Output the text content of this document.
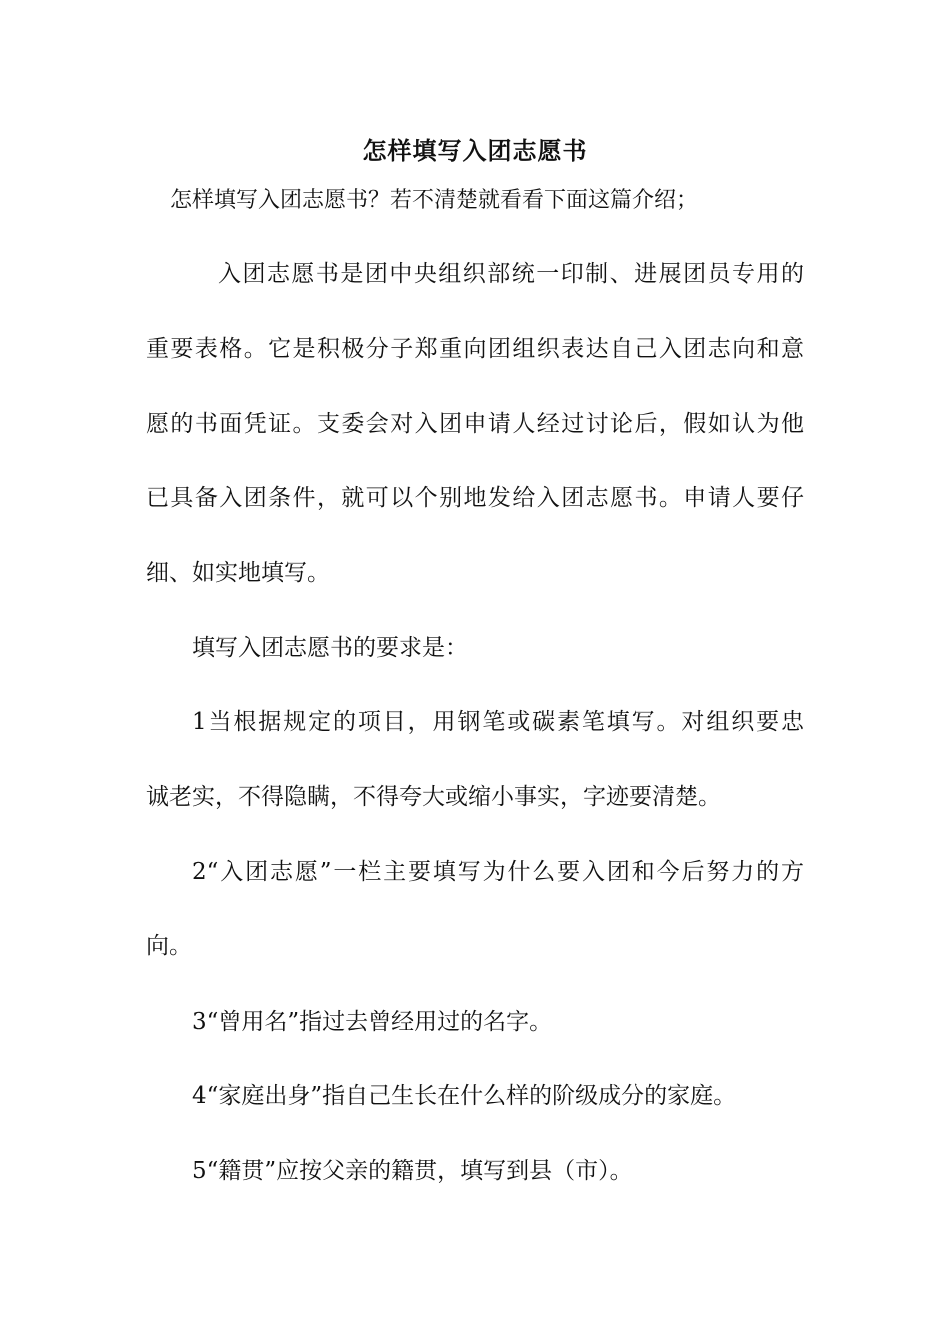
怎样填写入团志愿书
怎样填写入团志愿书？若不清楚就看看下面这篇介绍；
入团志愿书是团中央组织部统一印制、进展团员专用的
重要表格。它是积极分子郑重向团组织表达自己入团志向和意
愿的书面凭证。支委会对入团申请人经过讨论后，假如认为他
已具备入团条件，就可以个别地发给入团志愿书。申请人要仔
细、如实地填写。
填写入团志愿书的要求是：
1当根据规定的项目，用钢笔或碳素笔填写。对组织要忠
诚老实，不得隐瞒，不得夸大或缩小事实，字迹要清楚。
2“入团志愿”一栏主要填写为什么要入团和今后努力的方
向。
3“曾用名”指过去曾经用过的名字。
4“家庭出身”指自己生长在什么样的阶级成分的家庭。
5“籍贯”应按父亲的籍贯，填写到县（市）。
